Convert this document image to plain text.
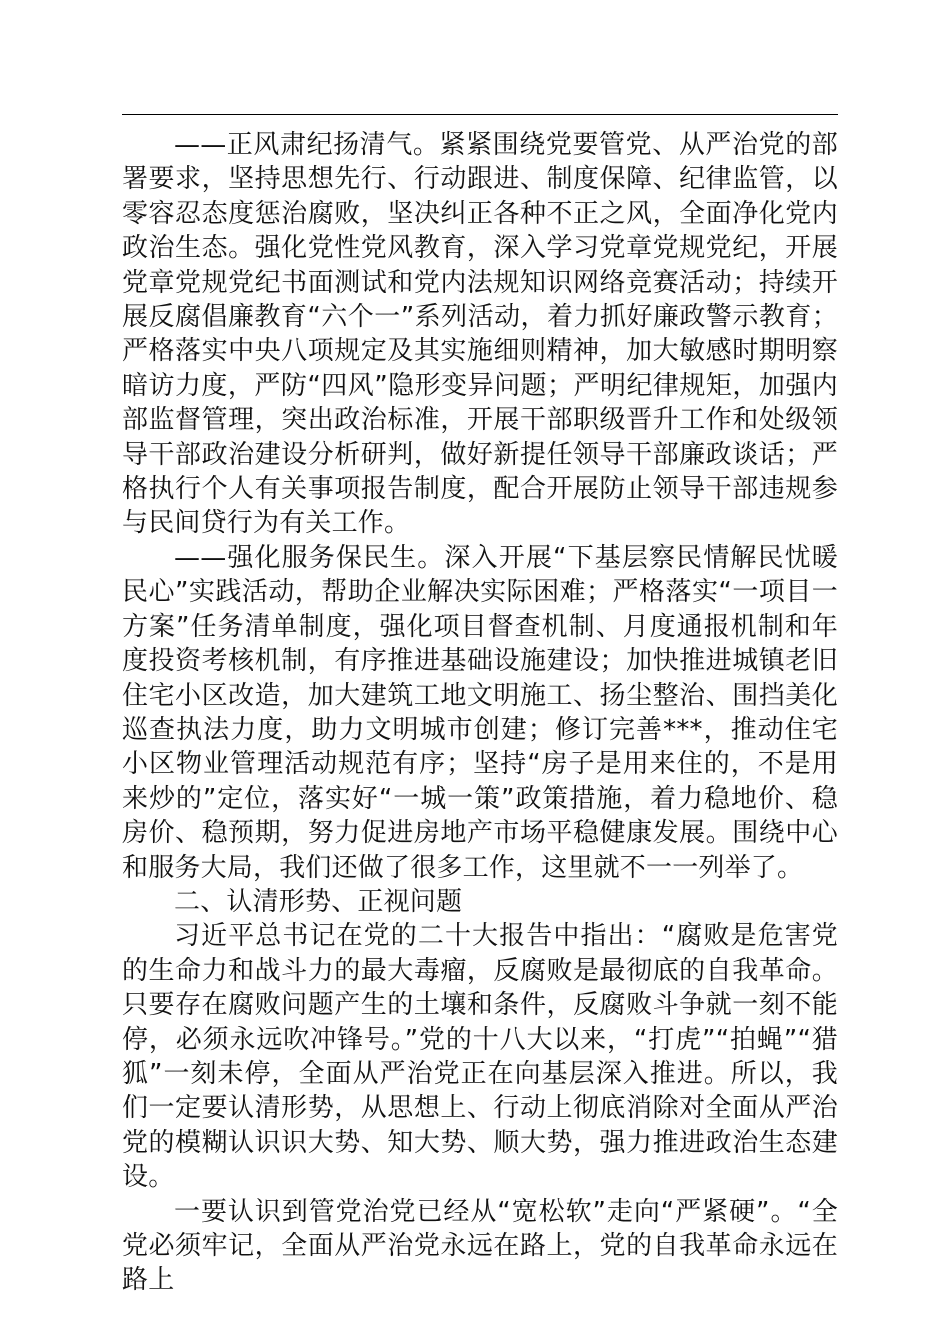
——正风肃纪扬清气。紧紧围绕党要管党、从严治党的部署要求，坚持思想先行、行动跟进、制度保障、纪律监管，以零容忍态度惩治腐败，坚决纠正各种不正之风，全面净化党内政治生态。强化党性党风教育，深入学习党章党规党纪，开展党章党规党纪书面测试和党内法规知识网络竞赛活动；持续开展反腐倡廉教育“六个一”系列活动，着力抓好廉政警示教育；严格落实中央八项规定及其实施细则精神，加大敏感时期明察暗访力度，严防“四风”隐形变异问题；严明纪律规矩，加强内部监督管理，突出政治标准，开展干部职级晋升工作和处级领导干部政治建设分析研判，做好新提任领导干部廉政谈话；严格执行个人有关事项报告制度，配合开展防止领导干部违规参与民间贷行为有关工作。

——强化服务保民生。深入开展“下基层察民情解民忧暖民心”实践活动，帮助企业解决实际困难；严格落实“一项目一方案”任务清单制度，强化项目督查机制、月度通报机制和年度投资考核机制，有序推进基础设施建设；加快推进城镇老旧住宅小区改造，加大建筑工地文明施工、扬尘整治、围挡美化巡查执法力度，助力文明城市创建；修订完善***，推动住宅小区物业管理活动规范有序；坚持“房子是用来住的，不是用来炒的”定位，落实好“一城一策”政策措施，着力稳地价、稳房价、稳预期，努力促进房地产市场平稳健康发展。围绕中心和服务大局，我们还做了很多工作，这里就不一一列举了。

二、认清形势、正视问题

习近平总书记在党的二十大报告中指出：“腐败是危害党的生命力和战斗力的最大毒瘤，反腐败是最彻底的自我革命。只要存在腐败问题产生的土壤和条件，反腐败斗争就一刻不能停，必须永远吹冲锋号。”党的十八大以来，“打虎”“拍蝇”“猎狐”一刻未停，全面从严治党正在向基层深入推进。所以，我们一定要认清形势，从思想上、行动上彻底消除对全面从严治党的模糊认识识大势、知大势、顺大势，强力推进政治生态建设。

一要认识到管党治党已经从“宽松软”走向“严紧硬”。“全党必须牢记，全面从严治党永远在路上，党的自我革命永远在路上
